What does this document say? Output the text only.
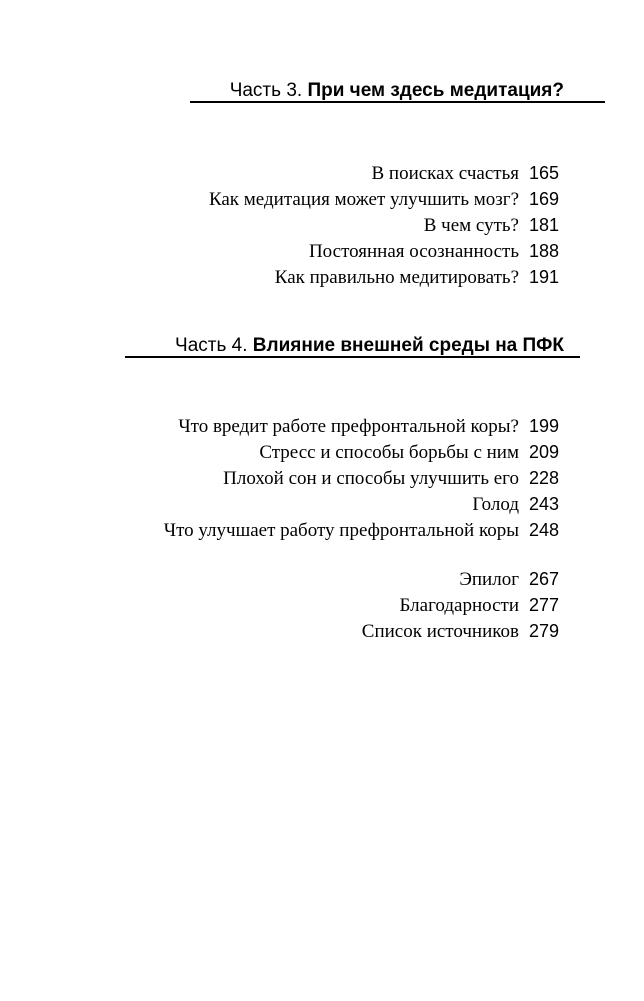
Часть 3. При чем здесь медитация?
В поисках счастья 165
Как медитация может улучшить мозг? 169
В чем суть? 181
Постоянная осознанность 188
Как правильно медитировать? 191
Часть 4. Влияние внешней среды на ПФК
Что вредит работе префронтальной коры? 199
Стресс и способы борьбы с ним 209
Плохой сон и способы улучшить его 228
Голод 243
Что улучшает работу префронтальной коры 248
Эпилог 267
Благодарности 277
Список источников 279
